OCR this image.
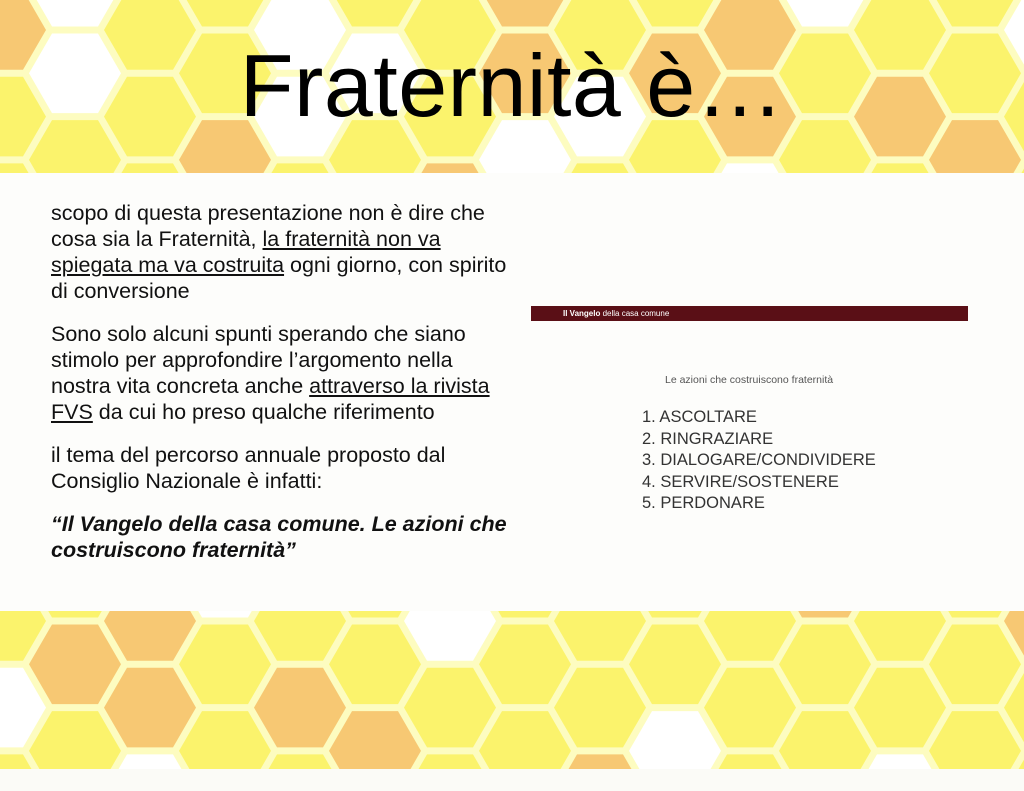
Fraternità è…

scopo di questa presentazione non è dire che cosa sia la Fraternità, la fraternità non va spiegata ma va costruita ogni giorno, con spirito di conversione

Sono solo alcuni spunti sperando che siano stimolo per approfondire l’argomento nella nostra vita concreta anche attraverso la rivista FVS da cui ho preso qualche riferimento

il tema del percorso annuale proposto dal Consiglio Nazionale è infatti:

“Il Vangelo della casa comune. Le azioni che costruiscono fraternità”

Il Vangelo della casa comune
Le azioni che costruiscono fraternità
1. ASCOLTARE
2. RINGRAZIARE
3. DIALOGARE/CONDIVIDERE
4. SERVIRE/SOSTENERE
5. PERDONARE
